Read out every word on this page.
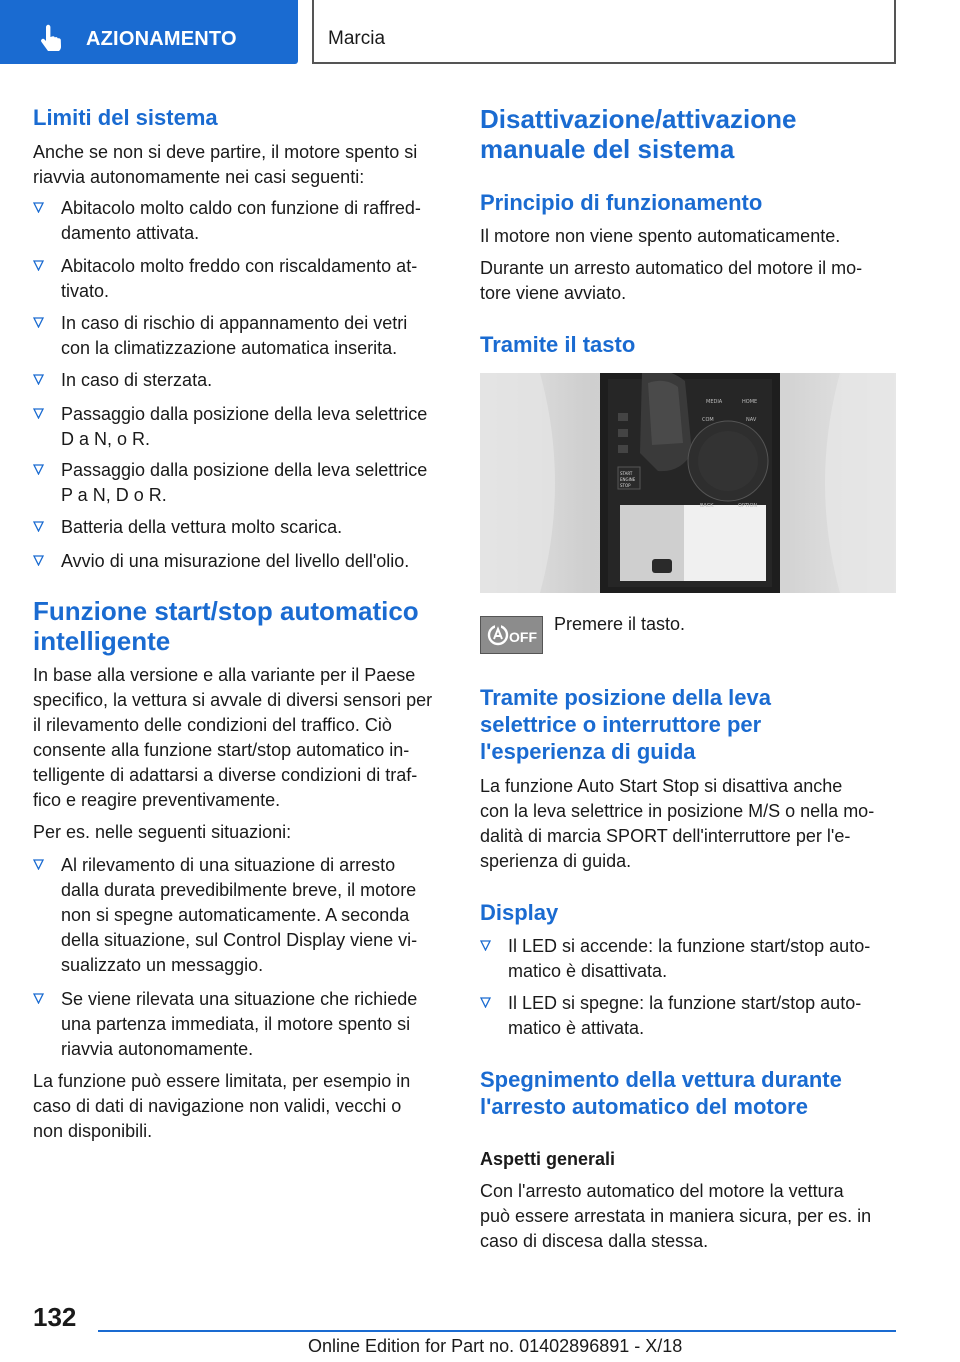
AZIONAMENTO	Marcia
Limiti del sistema
Anche se non si deve partire, il motore spento si
riavvia autonomamente nei casi seguenti:
Abitacolo molto caldo con funzione di raffred-
damento attivata.
Abitacolo molto freddo con riscaldamento at-
tivato.
In caso di rischio di appannamento dei vetri
con la climatizzazione automatica inserita.
In caso di sterzata.
Passaggio dalla posizione della leva selettrice
D a N, o R.
Passaggio dalla posizione della leva selettrice
P a N, D o R.
Batteria della vettura molto scarica.
Avvio di una misurazione del livello dell'olio.
Funzione start/stop automatico
intelligente
In base alla versione e alla variante per il Paese
specifico, la vettura si avvale di diversi sensori per
il rilevamento delle condizioni del traffico. Ciò
consente alla funzione start/stop automatico in-
telligente di adattarsi a diverse condizioni di traf-
fico e reagire preventivamente.
Per es. nelle seguenti situazioni:
Al rilevamento di una situazione di arresto
dalla durata prevedibilmente breve, il motore
non si spegne automaticamente. A seconda
della situazione, sul Control Display viene vi-
sualizzato un messaggio.
Se viene rilevata una situazione che richiede
una partenza immediata, il motore spento si
riavvia autonomamente.
La funzione può essere limitata, per esempio in
caso di dati di navigazione non validi, vecchi o
non disponibili.
Disattivazione/attivazione
manuale del sistema
Principio di funzionamento
Il motore non viene spento automaticamente.
Durante un arresto automatico del motore il mo-
tore viene avviato.
Tramite il tasto
MEDIA	HOME
COM	NAV
BACK	OPTION
START
ENGINE
STOP
OFF
Premere il tasto.
Tramite posizione della leva
selettrice o interruttore per
l'esperienza di guida
La funzione Auto Start Stop si disattiva anche
con la leva selettrice in posizione M/S o nella mo-
dalità di marcia SPORT dell'interruttore per l'e-
sperienza di guida.
Display
Il LED si accende: la funzione start/stop auto-
matico è disattivata.
Il LED si spegne: la funzione start/stop auto-
matico è attivata.
Spegnimento della vettura durante
l'arresto automatico del motore
Aspetti generali
Con l'arresto automatico del motore la vettura
può essere arrestata in maniera sicura, per es. in
caso di discesa dalla stessa.
132
Online Edition for Part no. 01402896891 - X/18
